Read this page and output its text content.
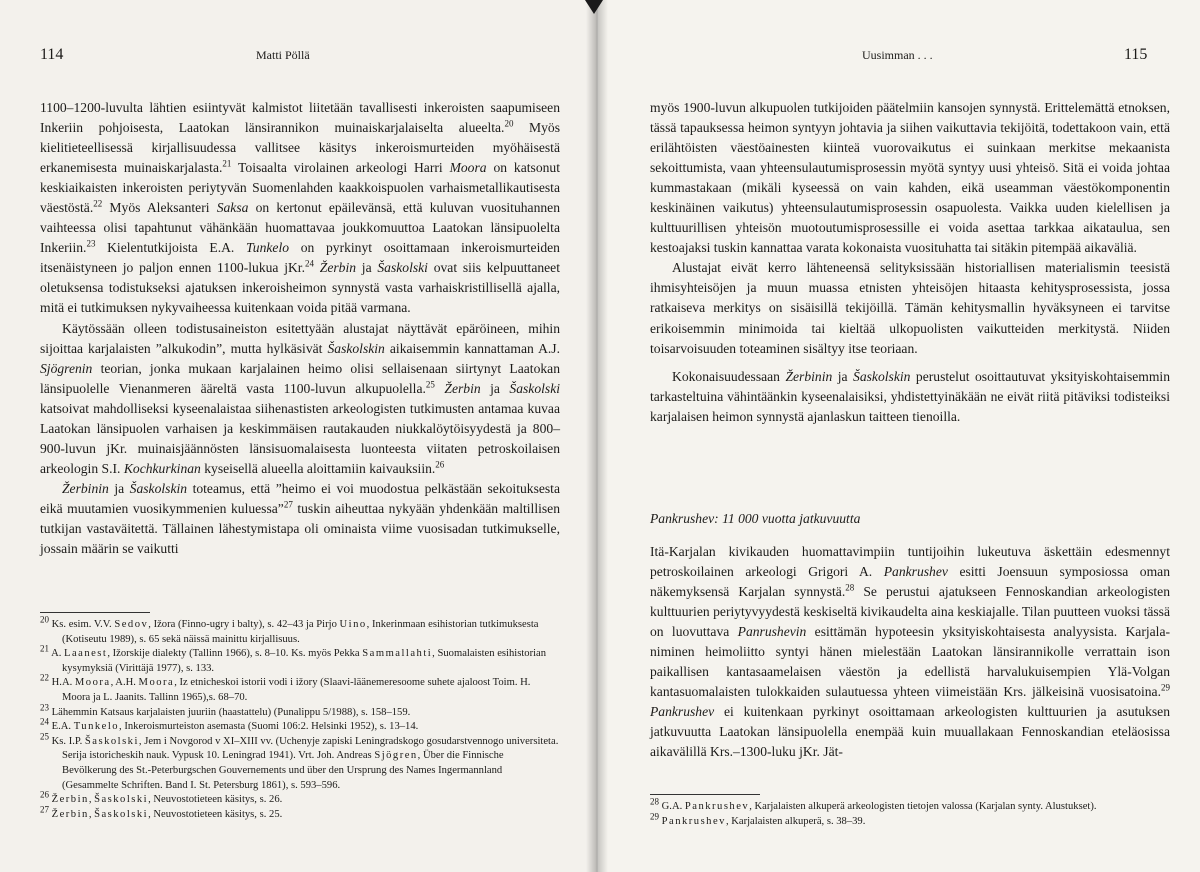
114	Matti Pöllä

1100–1200-luvulta lähtien esiintyvät kalmistot liitetään tavallisesti inkeroisten saapumiseen Inkeriin pohjoisesta, Laatokan länsirannikon muinaiskarjalaiselta alueelta.$^{20}$ Myös kielitieteellisessä kirjallisuudessa vallitsee käsitys inkeroismurteiden myöhäisestä erkanemisesta muinaiskarjalasta.$^{21}$ Toisaalta virolainen arkeologi Harri Moora on katsonut keskiaikaisten inkeroisten periytyvän Suomenlahden kaakkoispuolen varhaismetallikautisesta väestöstä.$^{22}$ Myös Aleksanteri Saksa on kertonut epäilevänsä, että kuluvan vuosituhannen vaihteessa olisi tapahtunut vähänkään huomattavaa joukkomuuttoa Laatokan länsipuolelta Inkeriin.$^{23}$ Kielentutkijoista E.A. Tunkelo on pyrkinyt osoittamaan inkeroismurteiden itsenäistyneen jo paljon ennen 1100-lukua jKr.$^{24}$ Žerbin ja Šaskolski ovat siis kelpuuttaneet oletuksensa todistukseksi ajatuksen inkeroisheimon synnystä vasta varhaiskristillisellä ajalla, mitä ei tutkimuksen nykyvaiheessa kuitenkaan voida pitää varmana.

Käytössään olleen todistusaineiston esitettyään alustajat näyttävät epäröineen, mihin sijoittaa karjalaisten ”alkukodin”, mutta hylkäsivät Šaskolskin aikaisemmin kannattaman A.J. Sjögrenin teorian, jonka mukaan karjalainen heimo olisi sellaisenaan siirtynyt Laatokan länsipuolelle Vienanmeren ääreltä vasta 1100-luvun alkupuolella.$^{25}$ Žerbin ja Šaskolski katsoivat mahdolliseksi kyseenalaistaa siihenastisten arkeologisten tutkimusten antamaa kuvaa Laatokan länsipuolen varhaisen ja keskimmäisen rautakauden niukkalöytöisyydestä ja 800–900-luvun jKr. muinaisjäännösten länsisuomalaisesta luonteesta viitaten petroskoilaisen arkeologin S.I. Kochkurkinan kyseisellä alueella aloittamiin kaivauksiin.$^{26}$

Žerbinin ja Šaskolskin toteamus, että ”heimo ei voi muodostua pelkästään sekoituksesta eikä muutamien vuosikymmenien kuluessa”$^{27}$ tuskin aiheuttaa nykyään yhdenkään maltillisen tutkijan vastaväitettä. Tällainen lähestymistapa oli ominaista viime vuosisadan tutkimukselle, jossain määrin se vaikutti

$^{20}$ Ks. esim. V.V. Sedov, Ižora (Finno-ugry i balty), s. 42–43 ja Pirjo Uino, Inkerinmaan esihistorian tutkimuksesta (Kotiseutu 1989), s. 65 sekä näissä mainittu kirjallisuus.

$^{21}$ A. Laanest, Ižorskije dialekty (Tallinn 1966), s. 8–10. Ks. myös Pekka Sammallahti, Suomalaisten esihistorian kysymyksiä (Virittäjä 1977), s. 133.

$^{22}$ H.A. Moora, A.H. Moora, Iz etnicheskoi istorii vodi i ižory (Slaavi-läänemeresoome suhete ajaloost Toim. H. Moora ja L. Jaanits. Tallinn 1965),s. 68–70.

$^{23}$ Lähemmin Katsaus karjalaisten juuriin (haastattelu) (Punalippu 5/1988), s. 158–159.

$^{24}$ E.A. Tunkelo, Inkeroismurteiston asemasta (Suomi 106:2. Helsinki 1952), s. 13–14.

$^{25}$ Ks. I.P. Šaskolski, Jem i Novgorod v XI–XIII vv. (Uchenyje zapiski Leningradskogo gosudarstvennogo universiteta. Serija istoricheskih nauk. Vypusk 10. Leningrad 1941). Vrt. Joh. Andreas Sjögren, Über die Finnische Bevölkerung des St.-Peterburgschen Gouvernements und über den Ursprung des Names Ingermannland (Gesammelte Schriften. Band I. St. Petersburg 1861), s. 593–596.

$^{26}$ Žerbin, Šaskolski, Neuvostotieteen käsitys, s. 26.

$^{27}$ Žerbin, Šaskolski, Neuvostotieteen käsitys, s. 25.

Uusimman . . .	115

myös 1900-luvun alkupuolen tutkijoiden päätelmiin kansojen synnystä. Erittelemättä etnoksen, tässä tapauksessa heimon syntyyn johtavia ja siihen vaikuttavia tekijöitä, todettakoon vain, että erilähtöisten väestöainesten kiinteä vuorovaikutus ei suinkaan merkitse mekaanista sekoittumista, vaan yhteensulautumisprosessin myötä syntyy uusi yhteisö. Sitä ei voida johtaa kummastakaan (mikäli kyseessä on vain kahden, eikä useamman väestökomponentin keskinäinen vaikutus) yhteensulautumisprosessin osapuolesta. Vaikka uuden kielellisen ja kulttuurillisen yhteisön muotoutumisprosessille ei voida asettaa tarkkaa aikataulua, sen kestoajaksi tuskin kannattaa varata kokonaista vuosituhatta tai sitäkin pitempää aikaväliä.

Alustajat eivät kerro lähteneensä selityksissään historiallisen materialismin teesistä ihmisyhteisöjen ja muun muassa etnisten yhteisöjen hitaasta kehitysprosessista, jossa ratkaiseva merkitys on sisäisillä tekijöillä. Tämän kehitysmallin hyväksyneen ei tarvitse erikoisemmin minimoida tai kieltää ulkopuolisten vaikutteiden merkitystä. Niiden toisarvoisuuden toteaminen sisältyy itse teoriaan.

Kokonaisuudessaan Žerbinin ja Šaskolskin perustelut osoittautuvat yksityiskohtaisemmin tarkasteltuina vähintäänkin kyseenalaisiksi, yhdistettyinäkään ne eivät riitä pitäviksi todisteiksi karjalaisen heimon synnystä ajanlaskun taitteen tienoilla.

Pankrushev: 11 000 vuotta jatkuvuutta

Itä-Karjalan kivikauden huomattavimpiin tuntijoihin lukeutuva äskettäin edesmennyt petroskoilainen arkeologi Grigori A. Pankrushev esitti Joensuun symposiossa oman näkemyksensä Karjalan synnystä.$^{28}$ Se perustui ajatukseen Fennoskandian arkeologisten kulttuurien periytyvyydestä keskiseltä kivikaudelta aina keskiajalle. Tilan puutteen vuoksi tässä on luovuttava Panrushevin esittämän hypoteesin yksityiskohtaisesta analyysista. Karjala-niminen heimoliitto syntyi hänen mielestään Laatokan länsirannikolle verrattain ison paikallisen kantasaamelaisen väestön ja edellistä harvalukuisempien Ylä-Volgan kantasuomalaisten tulokkaiden sulautuessa yhteen viimeistään Krs. jälkeisinä vuosisatoina.$^{29}$ Pankrushev ei kuitenkaan pyrkinyt osoittamaan arkeologisten kulttuurien ja asutuksen jatkuvuutta Laatokan länsipuolella enempää kuin muuallakaan Fennoskandian eteläosissa aikavälillä Krs.–1300-luku jKr. Jät-

$^{28}$ G.A. Pankrushev, Karjalaisten alkuperä arkeologisten tietojen valossa (Karjalan synty. Alustukset).

$^{29}$ Pankrushev, Karjalaisten alkuperä, s. 38–39.
